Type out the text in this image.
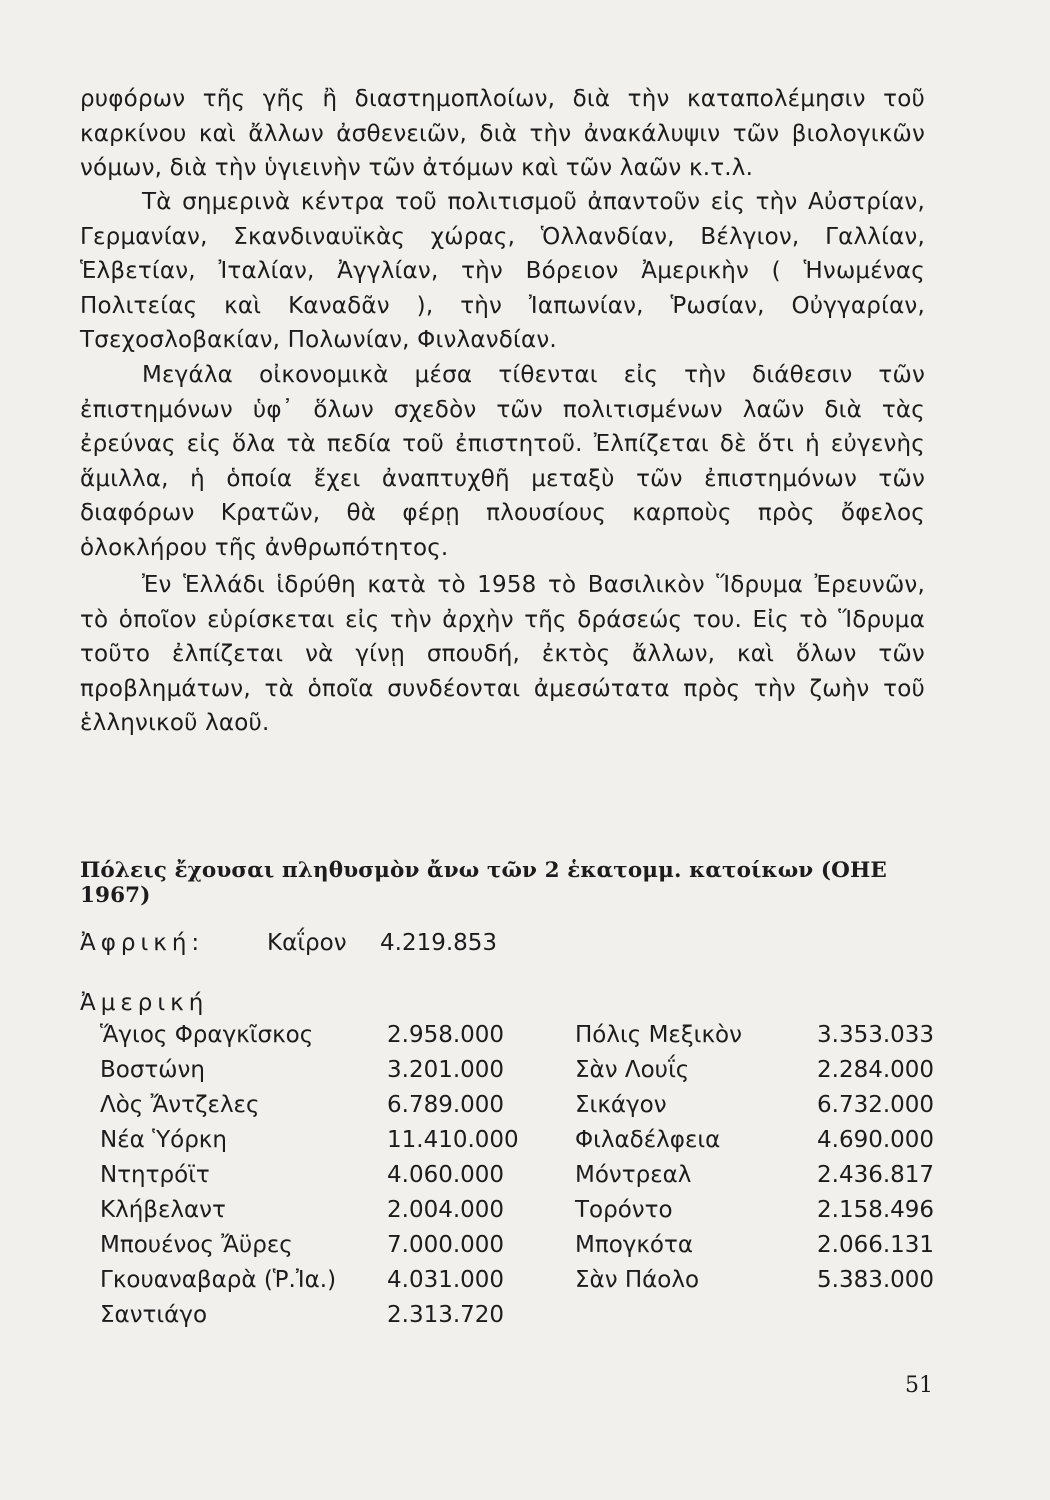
ρυφόρων τῆς γῆς ἢ διαστημοπλοίων, διὰ τὴν καταπολέμησιν τοῦ καρκίνου καὶ ἄλλων ἀσθενειῶν, διὰ τὴν ἀνακάλυψιν τῶν βιολογικῶν νόμων, διὰ τὴν ὑγιεινὴν τῶν ἀτόμων καὶ τῶν λαῶν κ.τ.λ.

Τὰ σημερινὰ κέντρα τοῦ πολιτισμοῦ ἀπαντοῦν εἰς τὴν Αὐστρίαν, Γερμανίαν, Σκανδιναυϊκὰς χώρας, Ὁλλανδίαν, Βέλγιον, Γαλλίαν, Ἑλβετίαν, Ἰταλίαν, Ἀγγλίαν, τὴν Βόρειον Ἀμερικὴν ( Ἡνωμένας Πολιτείας καὶ Καναδᾶν ), τὴν Ἰαπωνίαν, Ῥωσίαν, Οὐγγαρίαν, Τσεχοσλοβακίαν, Πολωνίαν, Φινλανδίαν.

Μεγάλα οἰκονομικὰ μέσα τίθενται εἰς τὴν διάθεσιν τῶν ἐπιστημόνων ὑφ᾽ ὅλων σχεδὸν τῶν πολιτισμένων λαῶν διὰ τὰς ἐρεύνας εἰς ὅλα τὰ πεδία τοῦ ἐπιστητοῦ. Ἐλπίζεται δὲ ὅτι ἡ εὐγενὴς ἅμιλλα, ἡ ὁποία ἔχει ἀναπτυχθῆ μεταξὺ τῶν ἐπιστημόνων τῶν διαφόρων Κρατῶν, θὰ φέρῃ πλουσίους καρποὺς πρὸς ὄφελος ὁλοκλήρου τῆς ἀνθρωπότητος.

Ἐν Ἑλλάδι ἱδρύθη κατὰ τὸ 1958 τὸ Βασιλικὸν Ἵδρυμα Ἐρευνῶν, τὸ ὁποῖον εὑρίσκεται εἰς τὴν ἀρχὴν τῆς δράσεώς του. Εἰς τὸ Ἵδρυμα τοῦτο ἐλπίζεται νὰ γίνῃ σπουδή, ἐκτὸς ἄλλων, καὶ ὅλων τῶν προβλημάτων, τὰ ὁποῖα συνδέονται ἀμεσώτατα πρὸς τὴν ζωὴν τοῦ ἑλληνικοῦ λαοῦ.

Πόλεις ἔχουσαι πληθυσμὸν ἄνω τῶν 2 ἑκατομμ. κατοίκων (ΟΗΕ 1967)
Ἀφρική:	Καΐρον 4.219.853
Ἀμερική
Ἅγιος Φραγκῖσκος	2.958.000	Πόλις Μεξικὸν	3.353.033
Βοστώνη	3.201.000	Σὰν Λουΐς	2.284.000
Λὸς Ἄντζελες	6.789.000	Σικάγον	6.732.000
Νέα Ὑόρκη	11.410.000 Φιλαδέλφεια	4.690.000
Ντητρόϊτ	4.060.000	Μόντρεαλ	2.436.817
Κλήβελαντ	2.004.000	Τορόντο	2.158.496
Μπουένος Ἄϋρες	7.000.000	Μπογκότα	2.066.131
Γκουαναβαρὰ (Ῥ.Ἰα.) 4.031.000	Σὰν Πάολο	5.383.000
Σαντιάγο	2.313.720
51
